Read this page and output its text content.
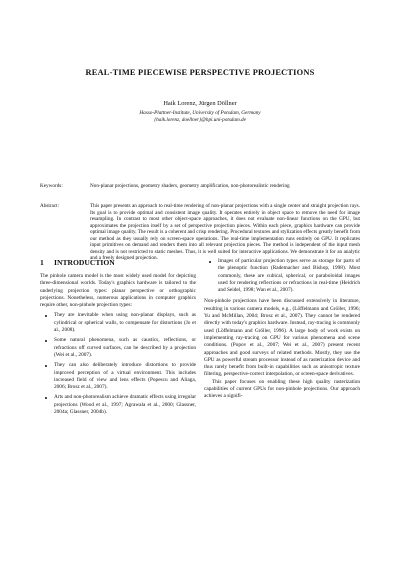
REAL-TIME PIECEWISE PERSPECTIVE PROJECTIONS
Haik Lorenz, Jürgen Döllner
Hasso-Plattner-Institute, University of Potsdam, Germany
{haik.lorenz, doellner}@hpi.uni-potsdam.de
Keywords:	Non-planar projections, geometry shaders, geometry amplification, non-photorealistic rendering
Abstract:	This paper presents an approach to real-time rendering of non-planar projections with a single center and straight projection rays. Its goal is to provide optimal and consistent image quality. It operates entirely in object space to remove the need for image resampling. In contrast to most other object-space approaches, it does not evaluate non-linear functions on the GPU, but approximates the projection itself by a set of perspective projection pieces. Within each piece, graphics hardware can provide optimal image quality. The result is a coherent and crisp rendering. Procedural textures and stylization effects greatly benefit from our method as they usually rely on screen-space operations. The real-time implementation runs entirely on GPU. It replicates input primitives on demand and renders them into all relevant projection pieces. The method is independent of the input mesh density and is not restricted to static meshes. Thus, it is well suited for interactive applications. We demonstrate it for an analytic and a freely designed projection.
1 INTRODUCTION

The pinhole camera model is the most widely used model for depicting three-dimensional worlds. Today's graphics hardware is tailored to the underlying projection types: planar perspective or orthographic projections. Nonetheless, numerous applications in computer graphics require other, non-pinhole projection types:

They are inevitable when using non-planar displays, such as cylindrical or spherical walls, to compensate for distortions (Jo et al., 2008).
Some natural phenomena, such as caustics, reflections, or refractions off curved surfaces, can be described by a projection (Wei et al., 2007).
They can also deliberately introduce distortions to provide improved perception of a virtual environment. This includes increased field of view and lens effects (Popescu and Aliaga, 2006; Brosz et al., 2007).
Arts and non-photorealism achieve dramatic effects using irregular projections (Wood et al., 1997; Agrawala et al., 2000; Glassner, 2004a; Glassner, 2004b).
Images of particular projection types serve as storage for parts of the plenoptic function (Rademacher and Bishop, 1998). Most commonly, these are cubical, spherical, or paraboloidal images used for rendering reflections or refractions in real-time (Heidrich and Seidel, 1998; Wan et al., 2007).

Non-pinhole projections have been discussed extensively in literature, resulting in various camera models, e.g., (Löffelmann and Gröller, 1996; Yu and McMillan, 2004; Brosz et al., 2007). They cannot be rendered directly with today's graphics hardware. Instead, ray-tracing is commonly used (Löffelmann and Gröller, 1996). A large body of work exists on implementing ray-tracing on GPU for various phenomena and scene conditions. (Popov et al., 2007; Wei et al., 2007) present recent approaches and good surveys of related methods. Mostly, they use the GPU as powerful stream processor instead of as rasterization device and thus rarely benefit from built-in capabilities such as anisotropic texture filtering, perspective-correct interpolation, or screen-space derivatives.

This paper focuses on enabling these high quality rasterization capabilities of current GPUs for non-pinhole projections. Our approach achieves a signifi-
